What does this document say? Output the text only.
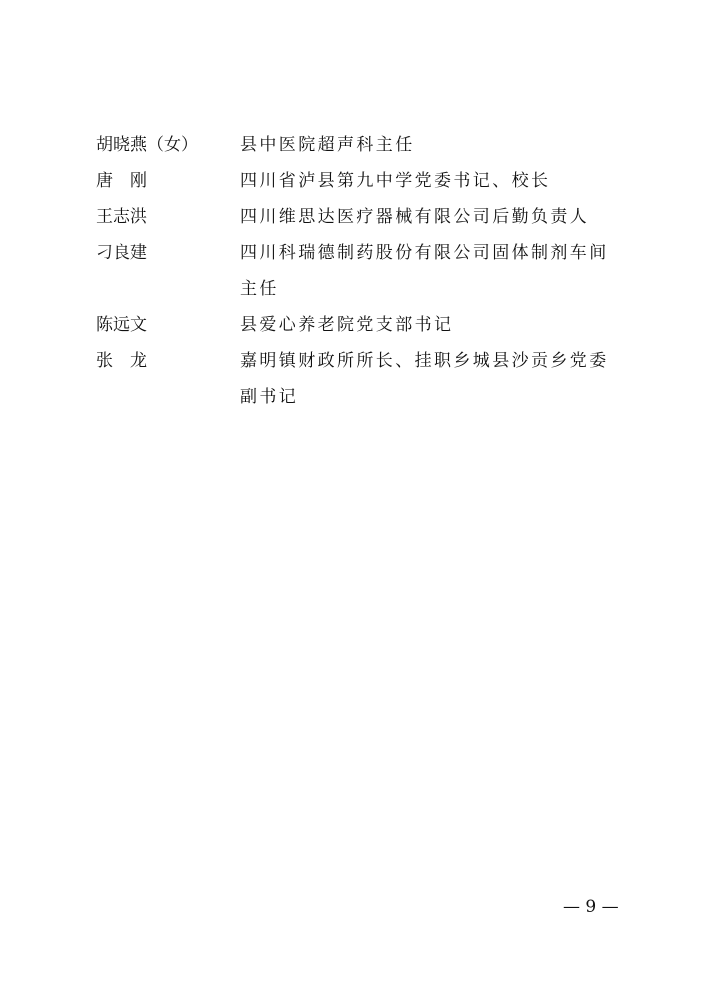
胡晓燕（女）	县中医院超声科主任
唐　刚	四川省泸县第九中学党委书记、校长
王志洪	四川维思达医疗器械有限公司后勤负责人
刁良建	四川科瑞德制药股份有限公司固体制剂车间主任
陈远文	县爱心养老院党支部书记
张　龙	嘉明镇财政所所长、挂职乡城县沙贡乡党委副书记
— 9 —
